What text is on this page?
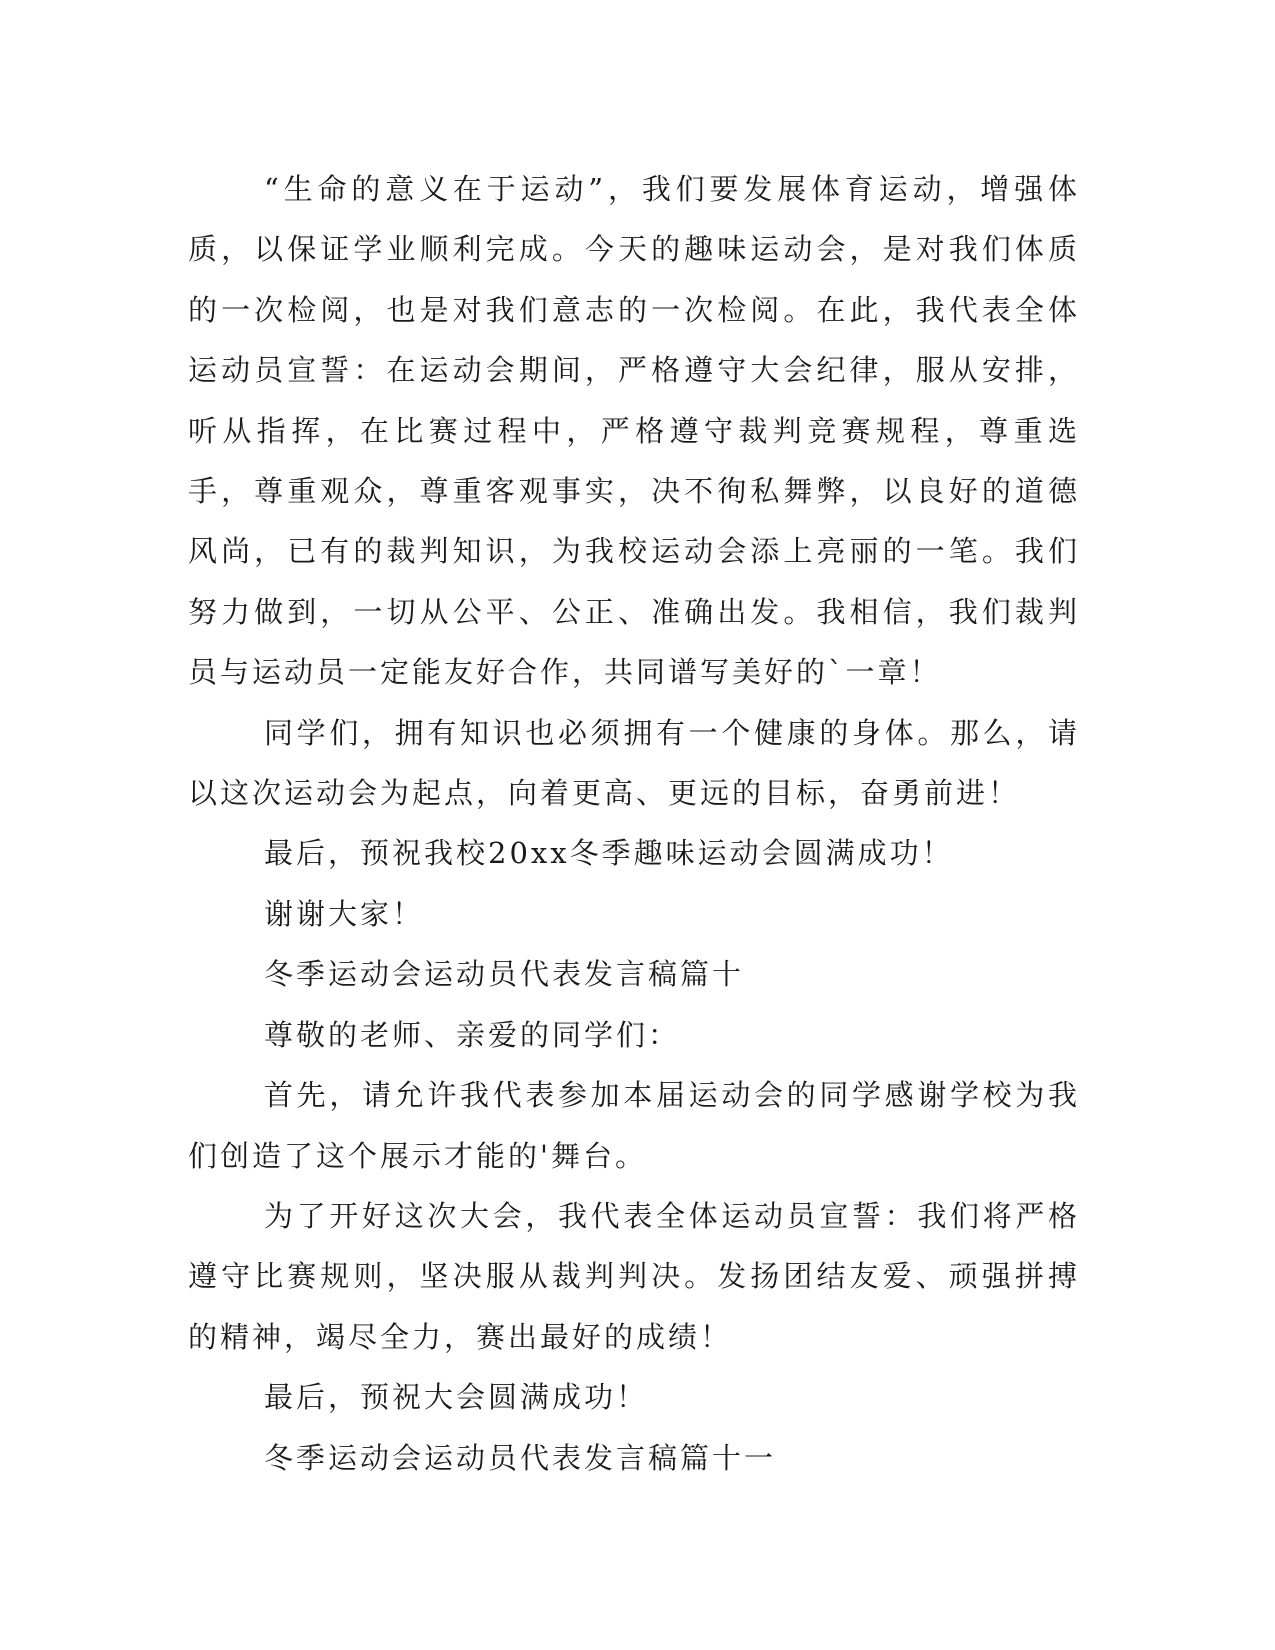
“生命的意义在于运动”，我们要发展体育运动，增强体质，以保证学业顺利完成。今天的趣味运动会，是对我们体质的一次检阅，也是对我们意志的一次检阅。在此，我代表全体运动员宣誓：在运动会期间，严格遵守大会纪律，服从安排，听从指挥，在比赛过程中，严格遵守裁判竞赛规程，尊重选手，尊重观众，尊重客观事实，决不徇私舞弊，以良好的道德风尚，已有的裁判知识，为我校运动会添上亮丽的一笔。我们努力做到，一切从公平、公正、准确出发。我相信，我们裁判员与运动员一定能友好合作，共同谱写美好的`一章！

同学们，拥有知识也必须拥有一个健康的身体。那么，请以这次运动会为起点，向着更高、更远的目标，奋勇前进！

最后，预祝我校20xx冬季趣味运动会圆满成功！

谢谢大家！

冬季运动会运动员代表发言稿篇十

尊敬的老师、亲爱的同学们：

首先，请允许我代表参加本届运动会的同学感谢学校为我们创造了这个展示才能的'舞台。

为了开好这次大会，我代表全体运动员宣誓：我们将严格遵守比赛规则，坚决服从裁判判决。发扬团结友爱、顽强拼搏的精神，竭尽全力，赛出最好的成绩！

最后，预祝大会圆满成功！

冬季运动会运动员代表发言稿篇十一
